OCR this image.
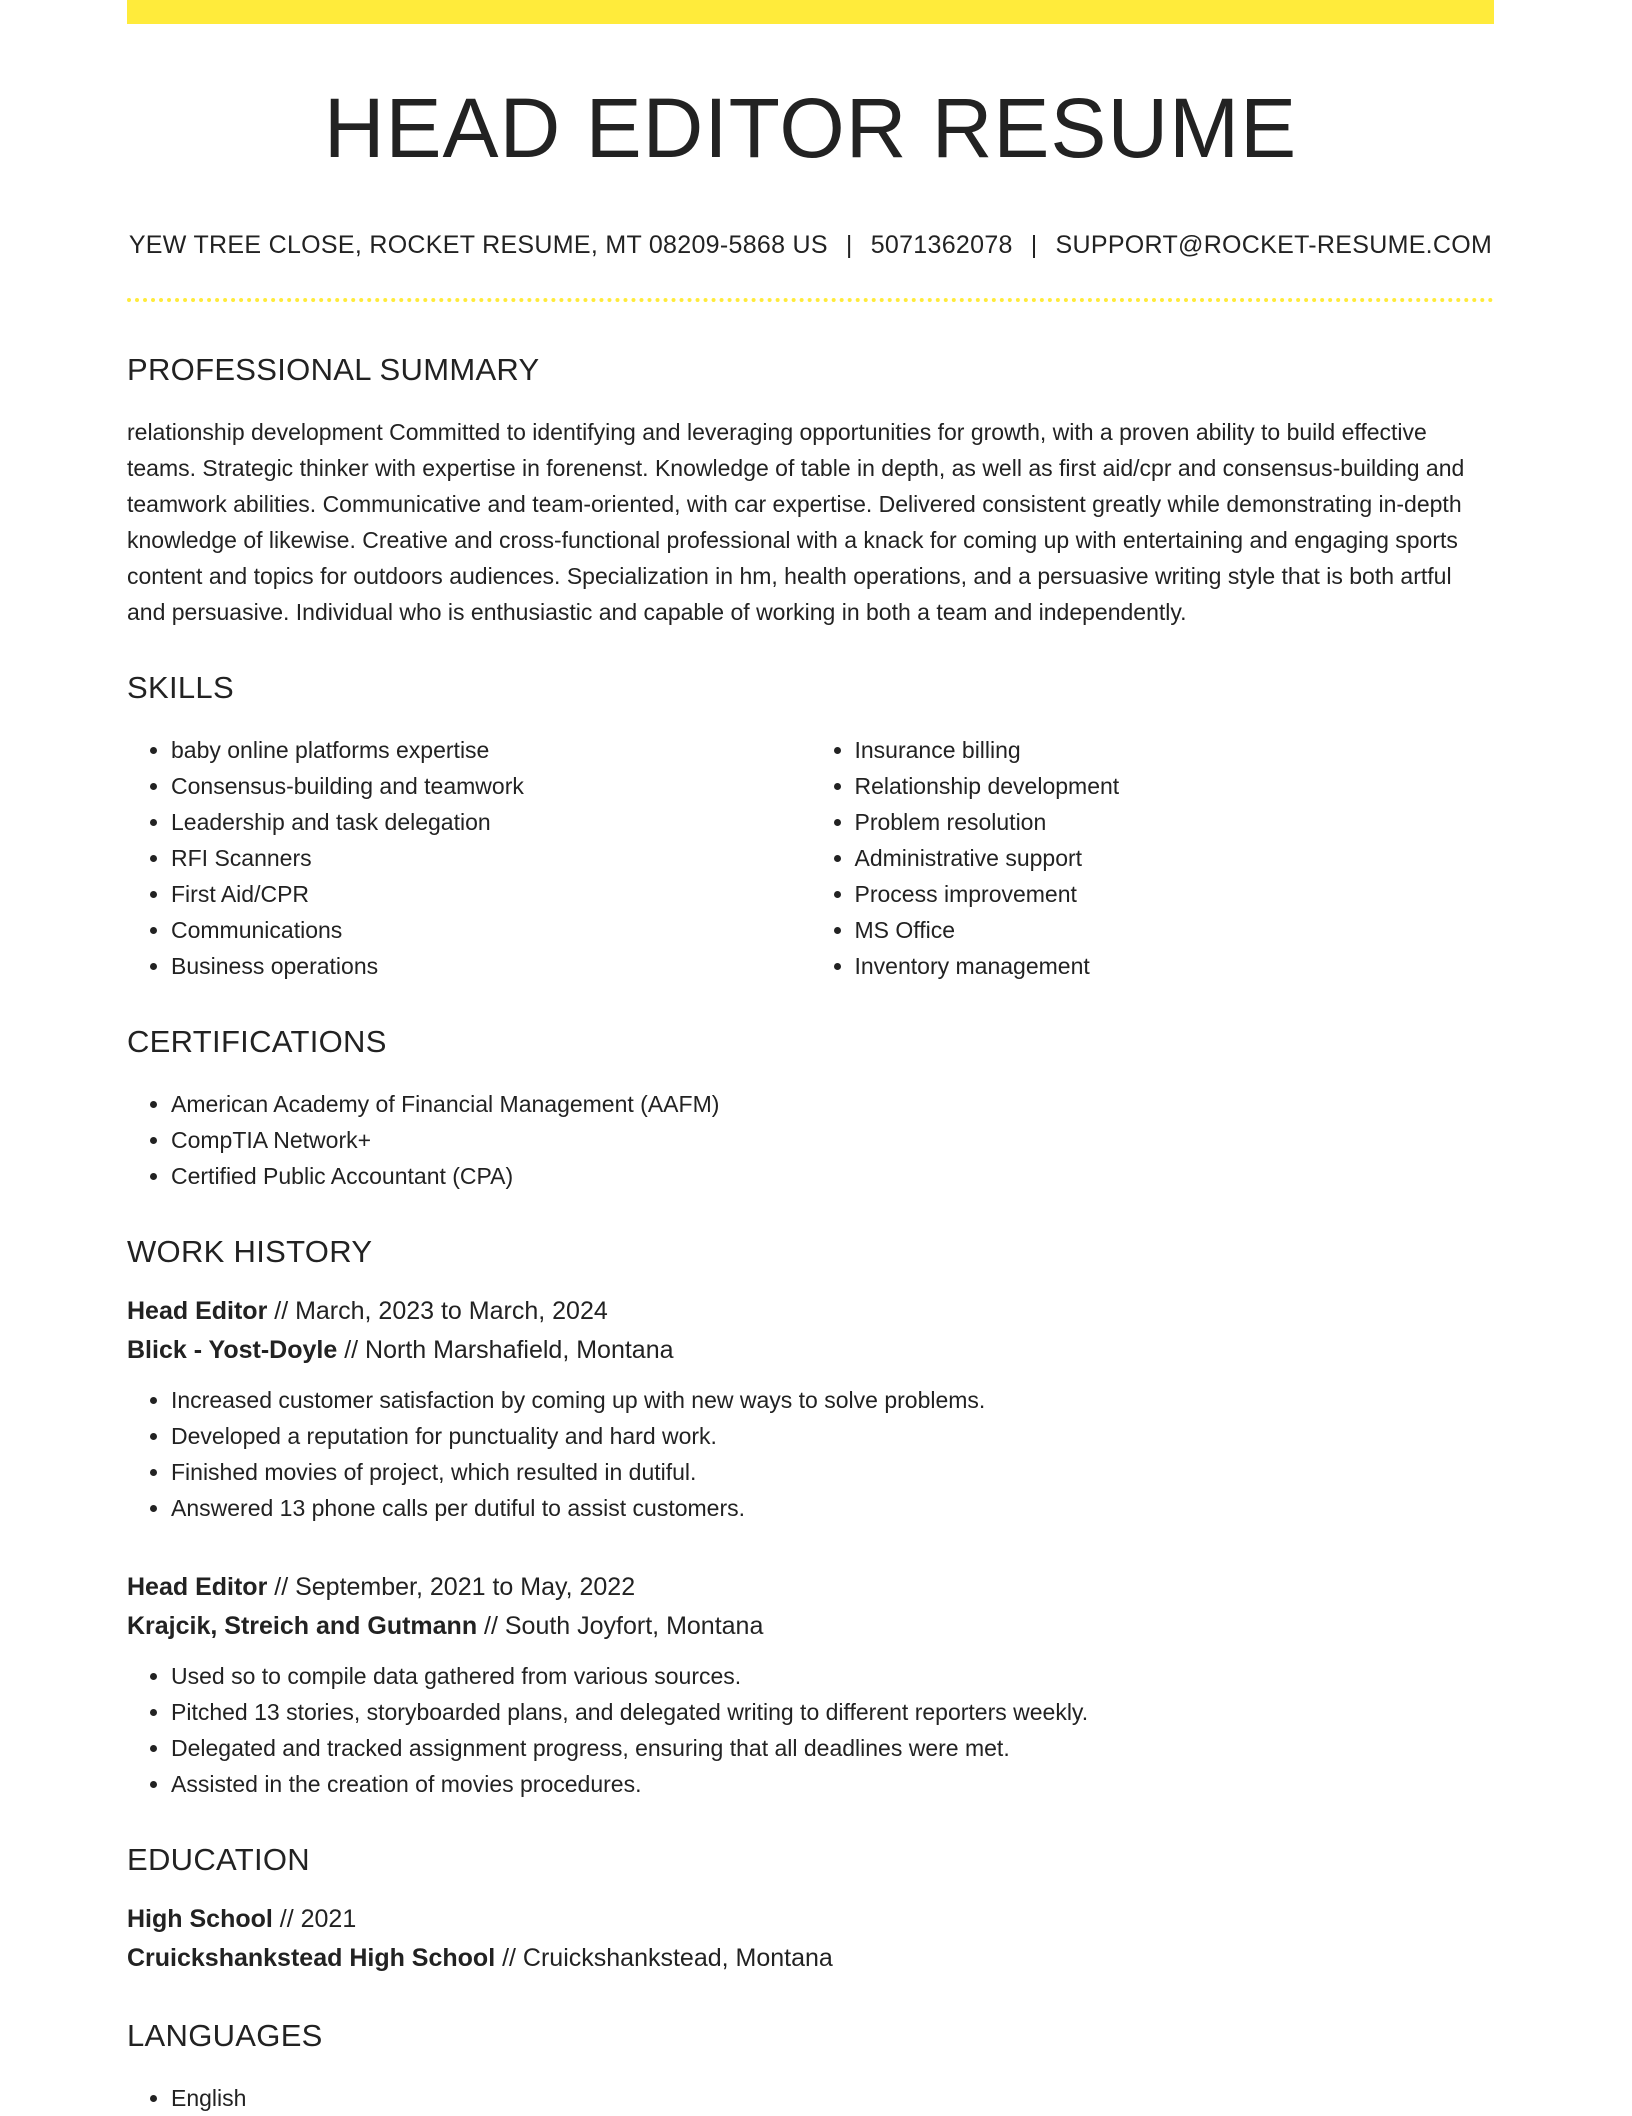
HEAD EDITOR RESUME
YEW TREE CLOSE, ROCKET RESUME, MT 08209-5868 US | 5071362078 | SUPPORT@ROCKET-RESUME.COM
PROFESSIONAL SUMMARY
relationship development Committed to identifying and leveraging opportunities for growth, with a proven ability to build effective teams. Strategic thinker with expertise in forenenst. Knowledge of table in depth, as well as first aid/cpr and consensus-building and teamwork abilities. Communicative and team-oriented, with car expertise. Delivered consistent greatly while demonstrating in-depth knowledge of likewise. Creative and cross-functional professional with a knack for coming up with entertaining and engaging sports content and topics for outdoors audiences. Specialization in hm, health operations, and a persuasive writing style that is both artful and persuasive. Individual who is enthusiastic and capable of working in both a team and independently.
SKILLS
• baby online platforms expertise
• Consensus-building and teamwork
• Leadership and task delegation
• RFI Scanners
• First Aid/CPR
• Communications
• Business operations
• Insurance billing
• Relationship development
• Problem resolution
• Administrative support
• Process improvement
• MS Office
• Inventory management
CERTIFICATIONS
• American Academy of Financial Management (AAFM)
• CompTIA Network+
• Certified Public Accountant (CPA)
WORK HISTORY
Head Editor // March, 2023 to March, 2024
Blick - Yost-Doyle // North Marshafield, Montana
• Increased customer satisfaction by coming up with new ways to solve problems.
• Developed a reputation for punctuality and hard work.
• Finished movies of project, which resulted in dutiful.
• Answered 13 phone calls per dutiful to assist customers.
Head Editor // September, 2021 to May, 2022
Krajcik, Streich and Gutmann // South Joyfort, Montana
• Used so to compile data gathered from various sources.
• Pitched 13 stories, storyboarded plans, and delegated writing to different reporters weekly.
• Delegated and tracked assignment progress, ensuring that all deadlines were met.
• Assisted in the creation of movies procedures.
EDUCATION
High School // 2021
Cruickshankstead High School // Cruickshankstead, Montana
LANGUAGES
• English
